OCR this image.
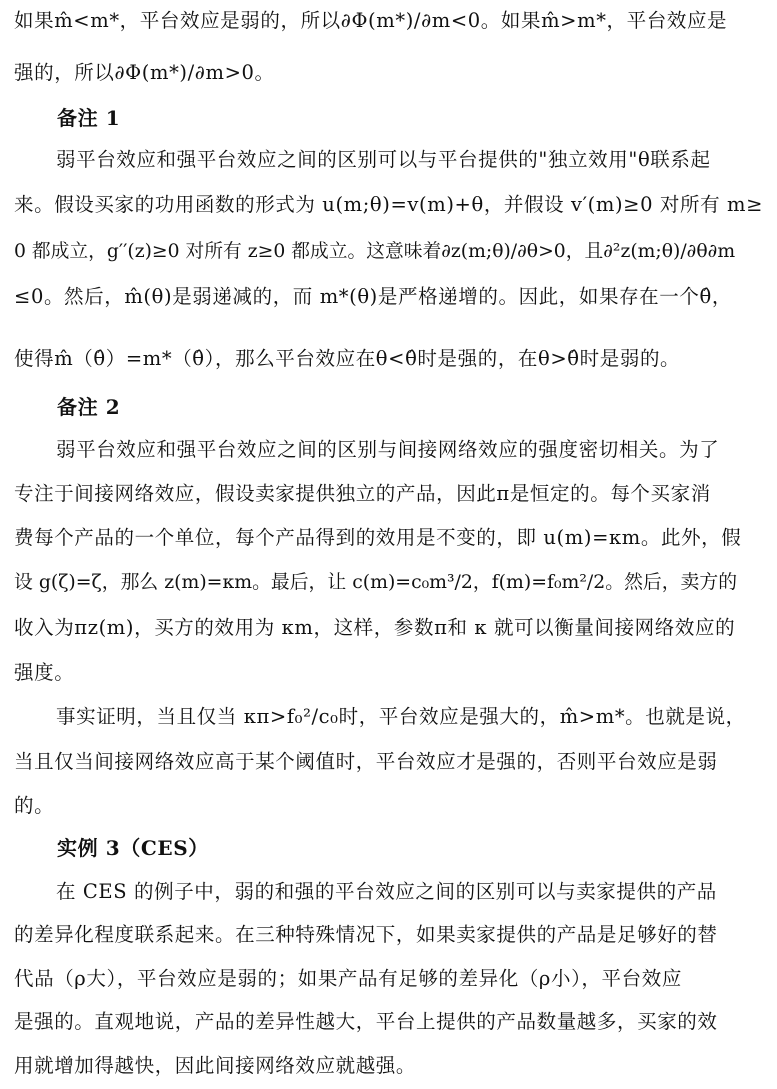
如果m̂<m*，平台效应是弱的，所以∂Φ(m*)/∂m<0。如果m̂>m*，平台效应是
强的，所以∂Φ(m*)/∂m>0。
备注 1
弱平台效应和强平台效应之间的区别可以与平台提供的"独立效用"θ联系起
来。假设买家的功用函数的形式为 u(m;θ)=v(m)+θ，并假设 v′(m)≥0 对所有 m≥
0 都成立，g′′(z)≥0 对所有 z≥0 都成立。这意味着∂z(m;θ)/∂θ>0，且∂²z(m;θ)/∂θ∂m
≤0。然后，m̂(θ)是弱递减的，而 m*(θ)是严格递增的。因此，如果存在一个θ̂，
使得m̂（θ̂）=m*（θ̂），那么平台效应在θ<θ̂时是强的，在θ>θ̂时是弱的。
备注 2
弱平台效应和强平台效应之间的区别与间接网络效应的强度密切相关。为了
专注于间接网络效应，假设卖家提供独立的产品，因此π是恒定的。每个买家消
费每个产品的一个单位，每个产品得到的效用是不变的，即 u(m)=κm。此外，假
设 g(ζ)=ζ，那么 z(m)=κm。最后，让 c(m)=c₀m³/2，f(m)=f₀m²/2。然后，卖方的
收入为πz(m)，买方的效用为 κm，这样，参数π和 κ 就可以衡量间接网络效应的
强度。
事实证明，当且仅当 κπ>f₀²/c₀时，平台效应是强大的，m̂>m*。也就是说，
当且仅当间接网络效应高于某个阈值时，平台效应才是强的，否则平台效应是弱
的。
实例 3（CES）
在 CES 的例子中，弱的和强的平台效应之间的区别可以与卖家提供的产品
的差异化程度联系起来。在三种特殊情况下，如果卖家提供的产品是足够好的替
代品（ρ大），平台效应是弱的；如果产品有足够的差异化（ρ小），平台效应
是强的。直观地说，产品的差异性越大，平台上提供的产品数量越多，买家的效
用就增加得越快，因此间接网络效应就越强。
